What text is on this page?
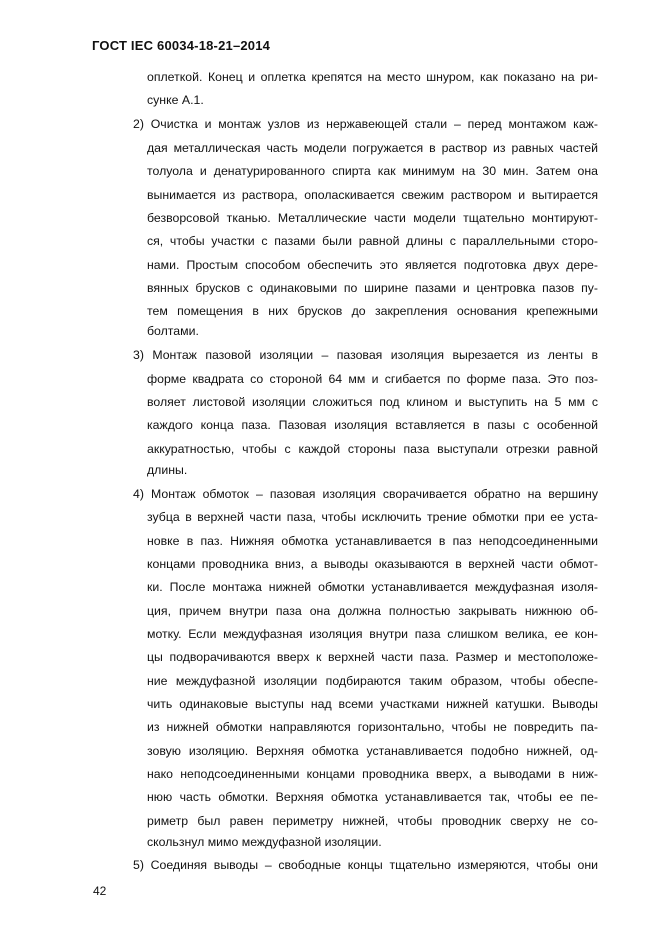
ГОСТ IEC 60034-18-21–2014
оплеткой. Конец и оплетка крепятся на место шнуром, как показано на ри-
сунке А.1.
2) Очистка и монтаж узлов из нержавеющей стали – перед монтажом каж-
дая металлическая часть модели погружается в раствор из равных частей
толуола и денатурированного спирта как минимум на 30 мин. Затем она
вынимается из раствора, ополаскивается свежим раствором и вытирается
безворсовой тканью. Металлические части модели тщательно монтируют-
ся, чтобы участки с пазами были равной длины с параллельными сторо-
нами. Простым способом обеспечить это является подготовка двух дере-
вянных брусков с одинаковыми по ширине пазами и центровка пазов пу-
тем помещения в них брусков до закрепления основания крепежными
болтами.
3) Монтаж пазовой изоляции – пазовая изоляция вырезается из ленты в
форме квадрата со стороной 64 мм и сгибается по форме паза. Это поз-
воляет листовой изоляции сложиться под клином и выступить на 5 мм с
каждого конца паза. Пазовая изоляция вставляется в пазы с особенной
аккуратностью, чтобы с каждой стороны паза выступали отрезки равной
длины.
4) Монтаж обмоток – пазовая изоляция сворачивается обратно на вершину
зубца в верхней части паза, чтобы исключить трение обмотки при ее уста-
новке в паз. Нижняя обмотка устанавливается в паз неподсоединенными
концами проводника вниз, а выводы оказываются в верхней части обмот-
ки. После монтажа нижней обмотки устанавливается междуфазная изоля-
ция, причем внутри паза она должна полностью закрывать нижнюю об-
мотку. Если междуфазная изоляция внутри паза слишком велика, ее кон-
цы подворачиваются вверх к верхней части паза. Размер и местоположе-
ние междуфазной изоляции подбираются таким образом, чтобы обеспе-
чить одинаковые выступы над всеми участками нижней катушки. Выводы
из нижней обмотки направляются горизонтально, чтобы не повредить па-
зовую изоляцию. Верхняя обмотка устанавливается подобно нижней, од-
нако неподсоединенными концами проводника вверх, а выводами в ниж-
нюю часть обмотки. Верхняя обмотка устанавливается так, чтобы ее пе-
риметр был равен периметру нижней, чтобы проводник сверху не со-
скользнул мимо междуфазной изоляции.
5) Соединяя выводы – свободные концы тщательно измеряются, чтобы они
42
